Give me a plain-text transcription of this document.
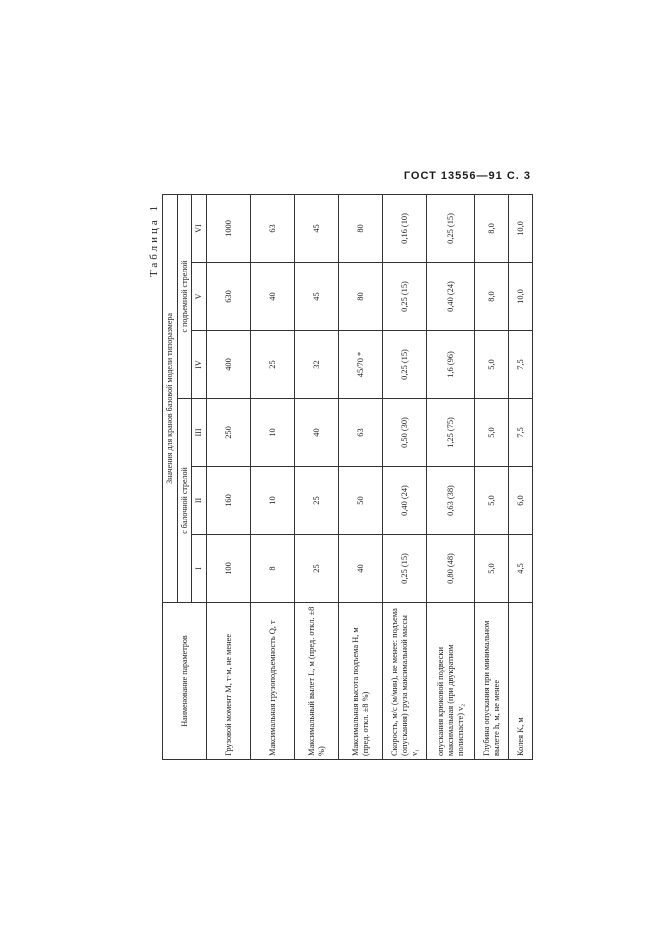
ГОСТ 13556—91 С. 3
Таблица 1
Наименование параметров	Значения для кранов базовой модели типоразмера					
	с балочной стрелой			с подъемной стрелой		
	I	II	III	IV	V	VI
Грузовой момент M, т·м, не менее	100	160	250	400	630	1000
Максимальная грузоподъемность Q, т	8	10	10	25	40	63
Максимальный вылет L, м (пред. откл. ±8 %)	25	25	40	32	45	45
Максимальная высота подъема H, м (пред. откл. ±8 %)	40	50	63	45/70 *	80	80
Скорость, м/с (м/мин), не менее: подъема (опускания) груза максимальной массы v₁	0,25 (15)	0,40 (24)	0,50 (30)	0,25 (15)	0,25 (15)	0,16 (10)
опускания крюковой подвески максимальная (при двукратном полиспасте) v₂	0,80 (48)	0,63 (38)	1,25 (75)	1,6 (96)	0,40 (24)	0,25 (15)
Глубина опускания при минимальном вылете h, м, не менее	5,0	5,0	5,0	5,0	8,0	8,0
Колея K, м	4,5	6,0	7,5	7,5	10,0	10,0
